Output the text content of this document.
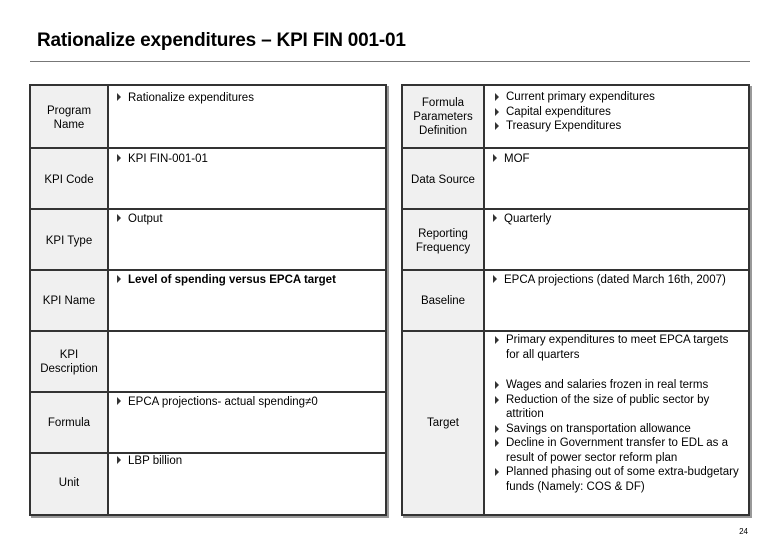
Rationalize expenditures – KPI FIN 001-01
Program Name
Rationalize expenditures
KPI Code
KPI FIN-001-01
KPI Type
Output
KPI Name
Level of spending versus EPCA target
KPI Description
Formula
EPCA projections- actual spending≠0
Unit
LBP billion
Formula Parameters Definition
Current primary expenditures
Capital expenditures
Treasury Expenditures
Data Source
MOF
Reporting Frequency
Quarterly
Baseline
EPCA projections (dated March 16th, 2007)
Target
Primary expenditures to meet EPCA targets for all quarters
Wages and salaries frozen in real terms
Reduction of the size of public sector by attrition
Savings on transportation allowance
Decline in Government transfer to EDL as a result of power sector reform plan
Planned phasing out of some extra-budgetary funds (Namely: COS & DF)
24
